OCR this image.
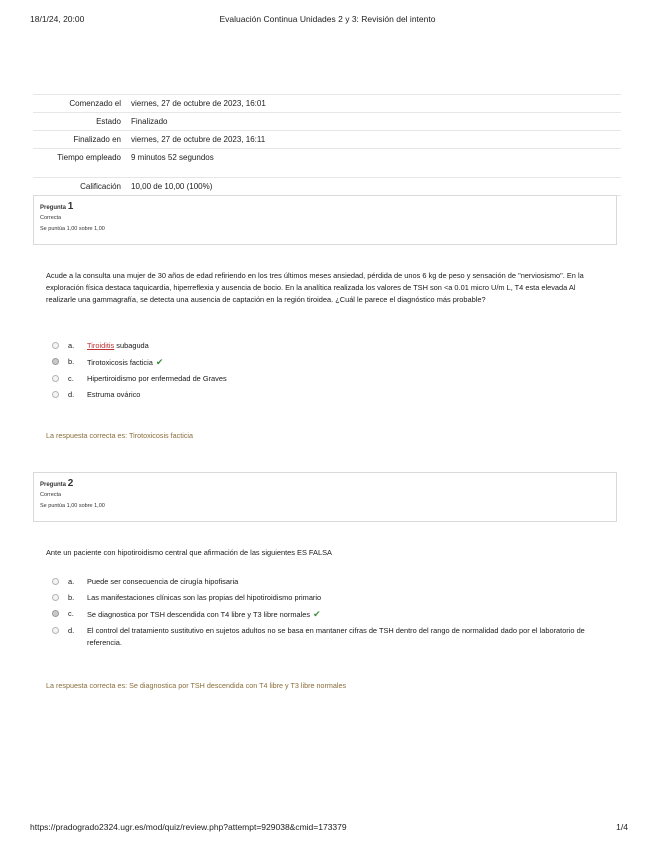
18/1/24, 20:00	Evaluación Continua Unidades 2 y 3: Revisión del intento
Comenzado el	viernes, 27 de octubre de 2023, 16:01
Estado	Finalizado
Finalizado en	viernes, 27 de octubre de 2023, 16:11
Tiempo empleado	9 minutos 52 segundos
Calificación	10,00 de 10,00 (100%)
Pregunta 1
Correcta
Se puntúa 1,00 sobre 1,00
Acude a la consulta una mujer de 30 años de edad refiriendo en los tres últimos meses ansiedad, pérdida de unos 6 kg de peso y sensación de "nerviosismo". En la exploración física destaca taquicardia, hiperreflexia y ausencia de bocio. En la analítica realizada los valores de TSH son <a 0.01 micro U/m L, T4 esta elevada Al realizarle una gammagrafía, se detecta una ausencia de captación en la región tiroidea. ¿Cuál le parece el diagnóstico más probable?
a.	Tiroiditis subaguda
b.	Tirotoxicosis facticia ✔
c.	Hipertiroidismo por enfermedad de Graves
d.	Estruma ovárico
La respuesta correcta es: Tirotoxicosis facticia
Pregunta 2
Correcta
Se puntúa 1,00 sobre 1,00
Ante un paciente con hipotiroidismo central que afirmación de las siguientes ES FALSA
a.	Puede ser consecuencia de cirugía hipofisaria
b.	Las manifestaciones clínicas son las propias del hipotiroidismo primario
c.	Se diagnostica por TSH descendida con T4 libre y T3 libre normales ✔
d.	El control del tratamiento sustitutivo en sujetos adultos no se basa en mantaner cifras de TSH dentro del rango de normalidad dado por el laboratorio de referencia.
La respuesta correcta es: Se diagnostica por TSH descendida con T4 libre y T3 libre normales
https://pradogrado2324.ugr.es/mod/quiz/review.php?attempt=929038&cmid=173379	1/4
